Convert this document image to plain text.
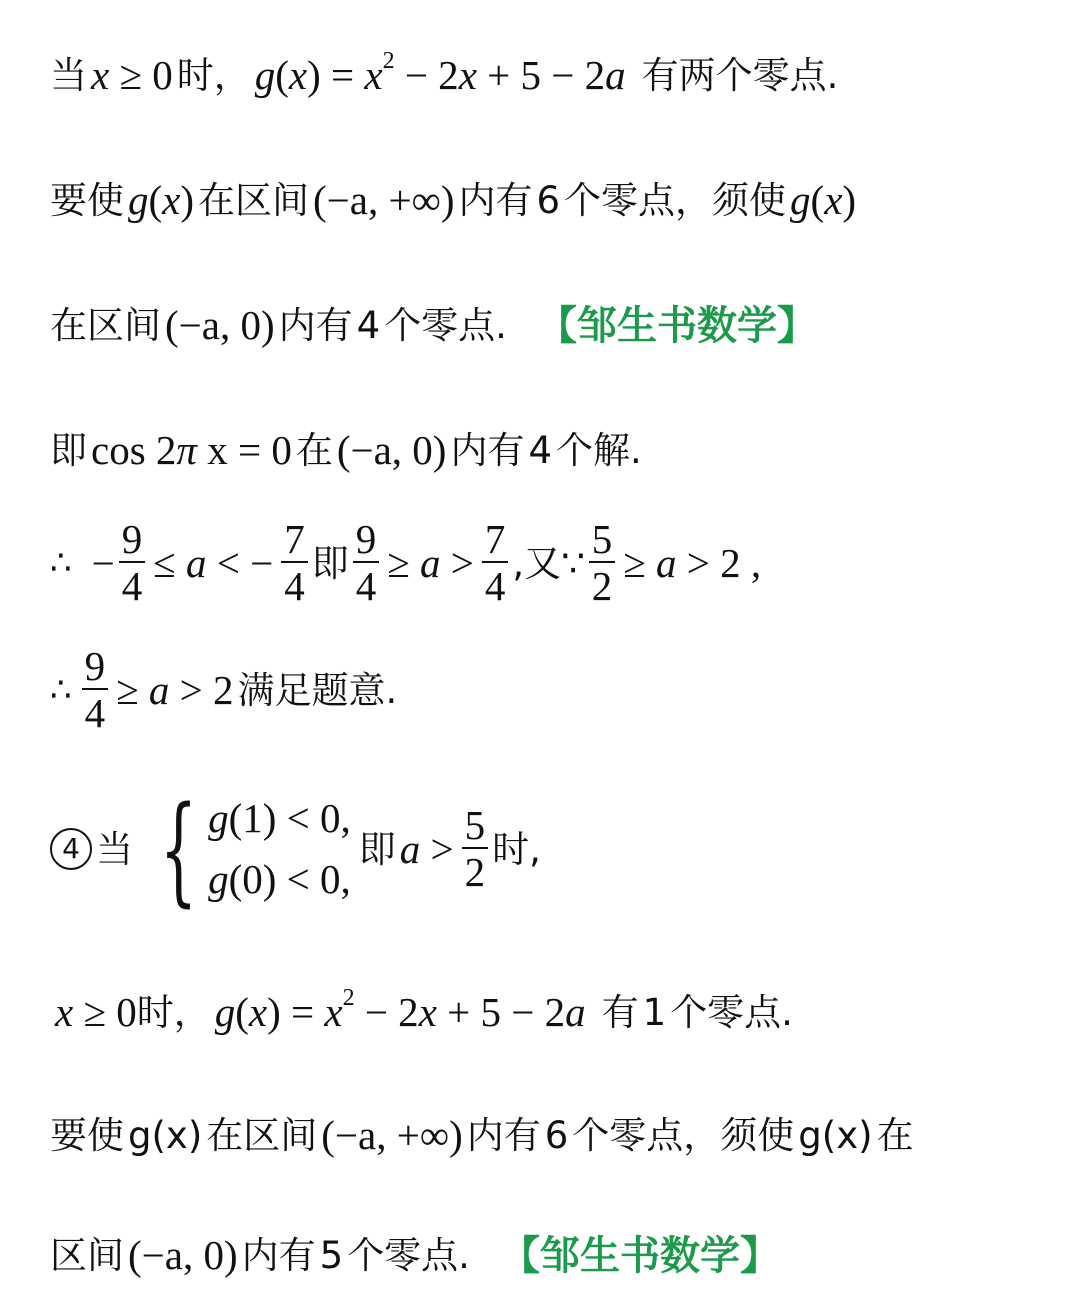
当 x ≥ 0 时， $g(x) = x^2 - 2x + 5 - 2a$ 有两个零点.
要使 g(x) 在区间 (−a, +∞) 内有 6 个零点，须使 g(x)
在区间 (−a, 0) 内有 4 个零点. 【邹生书数学】
即 cos 2π x = 0 在 (−a, 0) 内有 4 个解.
∴ − $\frac{9}{4} \le a$ < − $\frac{7}{4}$ 即 $\frac{9}{4} \ge a > \frac{7}{4}$ ,又 ∵ $\frac{5}{2} \ge a > 2$ ,
∴ $\frac{9}{4} \ge a > 2$ 满足题意.
4 当 { g(1) < 0,
g(0) < 0,
即 $a > \frac{5}{2}$ 时,
x ≥ 0 时， $g(x) = x^2 - 2x + 5 - 2a$ 有 1 个零点.
要使 g(x) 在区间 (−a, +∞) 内有 6 个零点，须使 g(x) 在
区间 (−a, 0) 内有 5 个零点. 【邹生书数学】
